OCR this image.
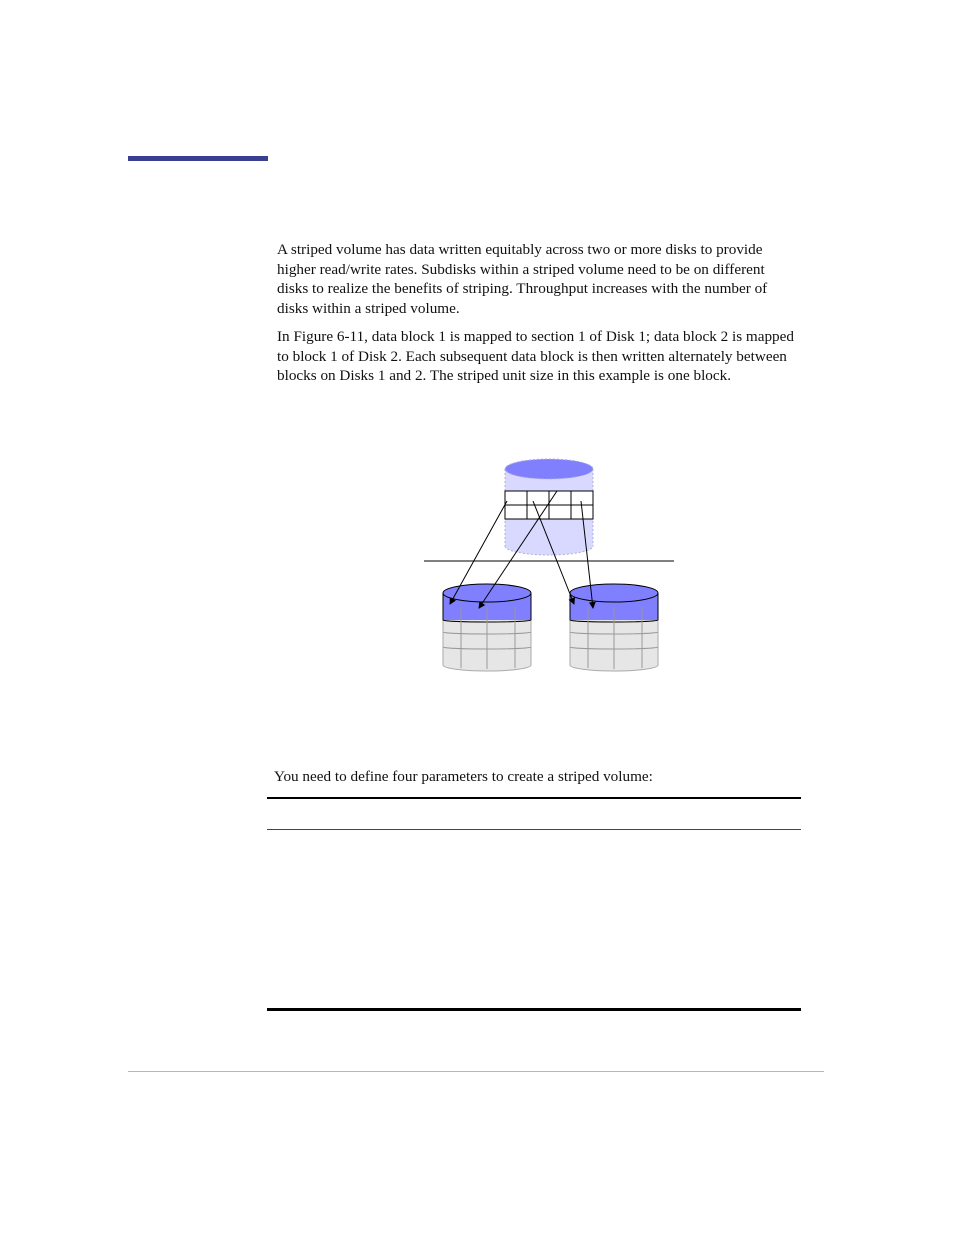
A striped volume has data written equitably across two or more disks to provide higher read/write rates. Subdisks within a striped volume need to be on different disks to realize the benefits of striping. Throughput increases with the number of disks within a striped volume.

In Figure 6-11, data block 1 is mapped to section 1 of Disk 1; data block 2 is mapped to block 1 of Disk 2. Each subsequent data block is then written alternately between blocks on Disks 1 and 2. The striped unit size in this example is one block.

You need to define four parameters to create a striped volume:
